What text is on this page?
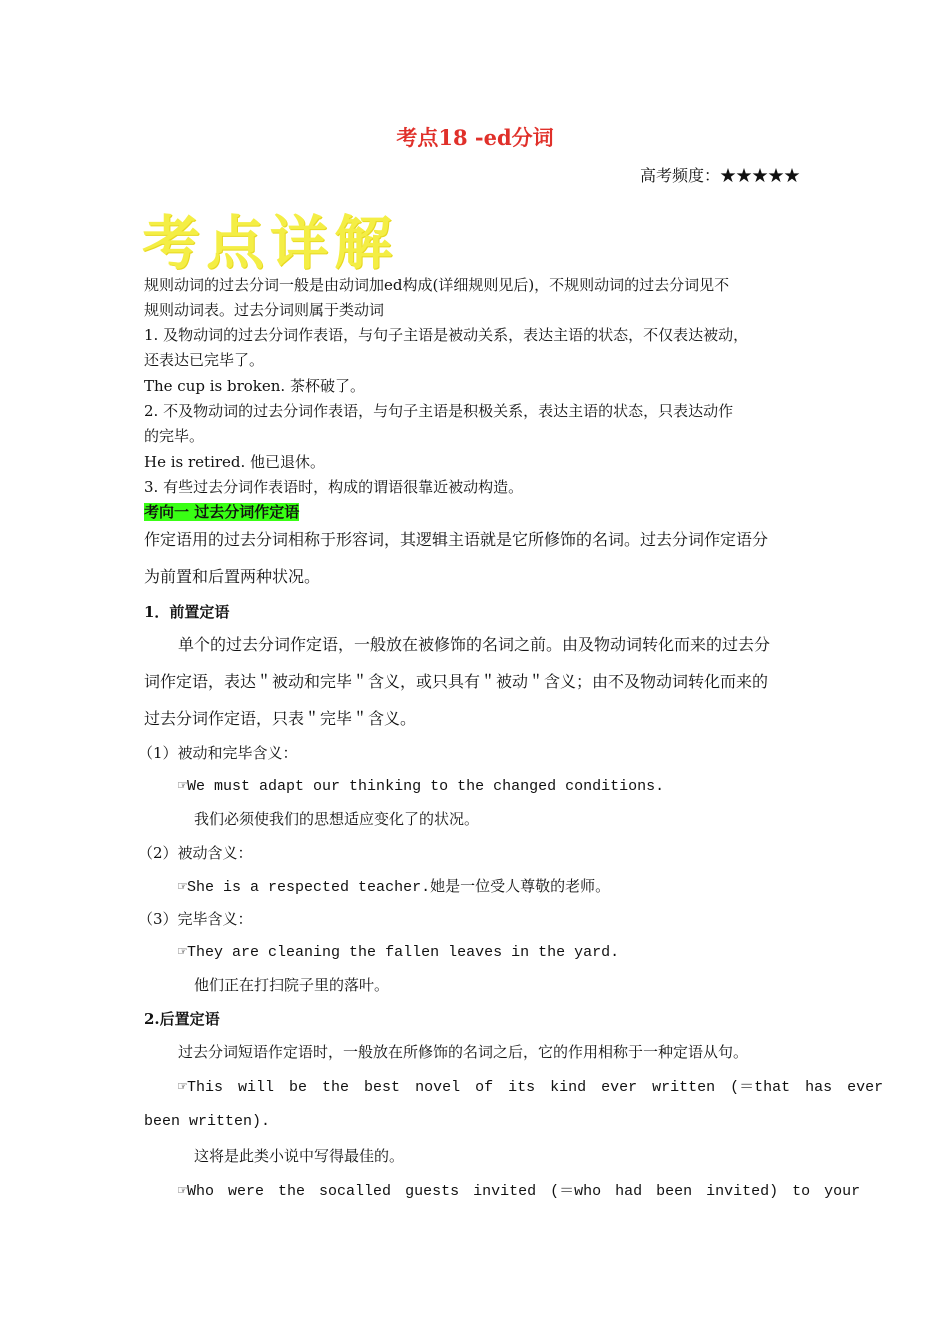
考点18 -ed分词
高考频度：★★★★★
考点详解
规则动词的过去分词一般是由动词加ed构成(详细规则见后)，不规则动词的过去分词见不
规则动词表。过去分词则属于类动词
1. 及物动词的过去分词作表语，与句子主语是被动关系，表达主语的状态，不仅表达被动，
还表达已完毕了。
The cup is broken. 茶杯破了。
2. 不及物动词的过去分词作表语，与句子主语是积极关系，表达主语的状态，只表达动作
的完毕。
He is retired. 他已退休。
3. 有些过去分词作表语时，构成的谓语很靠近被动构造。
考向一 过去分词作定语
作定语用的过去分词相称于形容词，其逻辑主语就是它所修饰的名词。过去分词作定语分
为前置和后置两种状况。
1．前置定语
单个的过去分词作定语，一般放在被修饰的名词之前。由及物动词转化而来的过去分
词作定语，表达＂被动和完毕＂含义，或只具有＂被动＂含义；由不及物动词转化而来的
过去分词作定语，只表＂完毕＂含义。
（1）被动和完毕含义：
☞We must adapt our thinking to the changed conditions.
我们必须使我们的思想适应变化了的状况。
（2）被动含义：
☞She is a respected teacher.她是一位受人尊敬的老师。
（3）完毕含义：
☞They are cleaning the fallen leaves in the yard.
他们正在打扫院子里的落叶。
2.后置定语
过去分词短语作定语时，一般放在所修饰的名词之后，它的作用相称于一种定语从句。
☞This will be the best novel of its kind ever written (＝that has ever
been written).
这将是此类小说中写得最佳的。
☞Who were the socalled guests invited (＝who had been invited) to your
